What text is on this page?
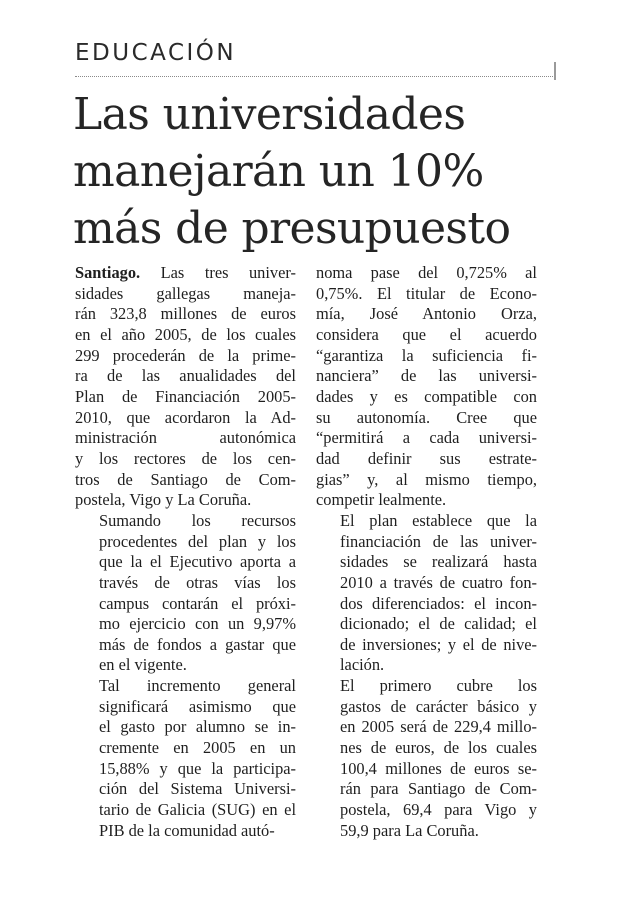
EDUCACIÓN
Las universidades
manejarán un 10%
más de presupuesto

Santiago. Las tres univer-
sidades gallegas maneja-
rán 323,8 millones de euros
en el año 2005, de los cuales
299 procederán de la prime-
ra de las anualidades del
Plan de Financiación 2005-
2010, que acordaron la Ad-
ministración autonómica
y los rectores de los cen-
tros de Santiago de Com-
postela, Vigo y La Coruña.

Sumando los recursos
procedentes del plan y los
que la el Ejecutivo aporta a
través de otras vías los
campus contarán el próxi-
mo ejercicio con un 9,97%
más de fondos a gastar que
en el vigente.

Tal incremento general
significará asimismo que
el gasto por alumno se in-
cremente en 2005 en un
15,88% y que la participa-
ción del Sistema Universi-
tario de Galicia (SUG) en el
PIB de la comunidad autó-

noma pase del 0,725% al
0,75%. El titular de Econo-
mía, José Antonio Orza,
considera que el acuerdo
“garantiza la suficiencia fi-
nanciera” de las universi-
dades y es compatible con
su autonomía. Cree que
“permitirá a cada universi-
dad definir sus estrate-
gias” y, al mismo tiempo,
competir lealmente.

El plan establece que la
financiación de las univer-
sidades se realizará hasta
2010 a través de cuatro fon-
dos diferenciados: el incon-
dicionado; el de calidad; el
de inversiones; y el de nive-
lación.

El primero cubre los
gastos de carácter básico y
en 2005 será de 229,4 millo-
nes de euros, de los cuales
100,4 millones de euros se-
rán para Santiago de Com-
postela, 69,4 para Vigo y
59,9 para La Coruña.
